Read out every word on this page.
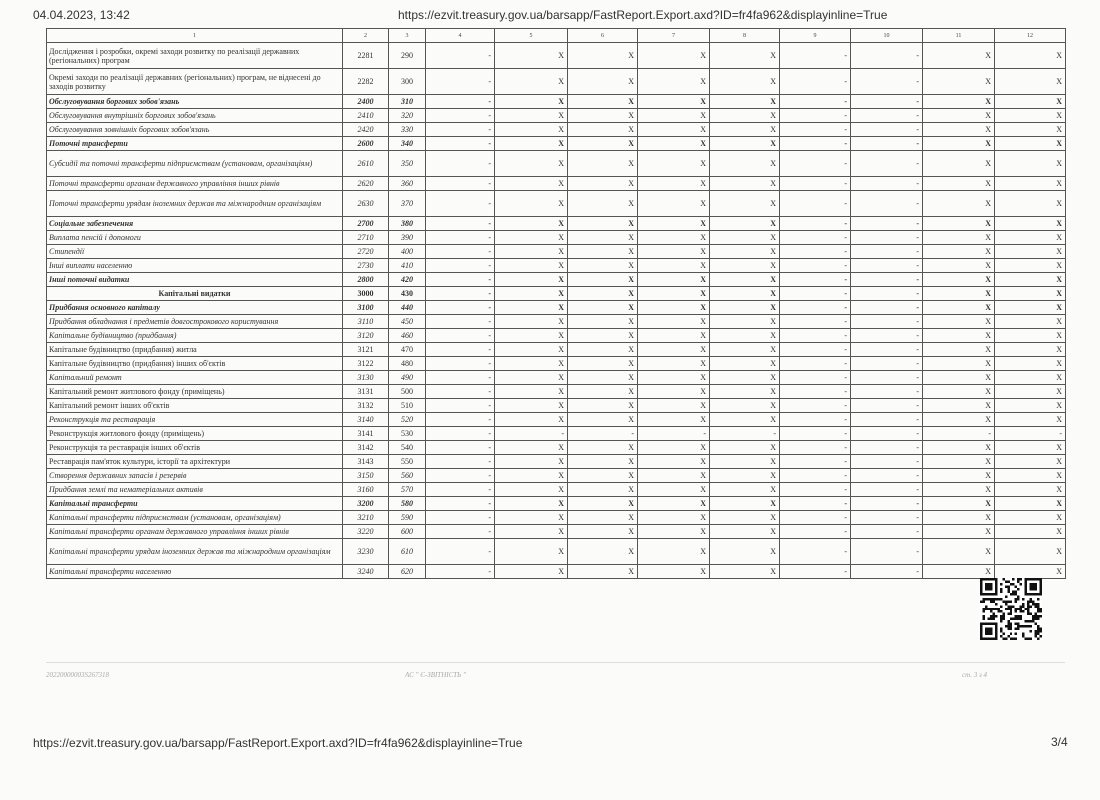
04.04.2023, 13:42	https://ezvit.treasury.gov.ua/barsapp/FastReport.Export.axd?ID=fr4fa962&displayinline=True
1	2	3	4	5	6	7	8	9	10	11	12
Дослідження і розробки, окремі заходи розвитку по реалізації державних (регіональних) програм	2281	290	-	X	X	X	X	-	-	X	X
Окремі заходи по реалізації державних (регіональних) програм, не віднесені до заходів розвитку	2282	300	-	X	X	X	X	-	-	X	X
Обслуговування боргових зобов'язань	2400	310	-	X	X	X	X	-	-	X	X
Обслуговування внутрішніх боргових зобов'язань	2410	320	-	X	X	X	X	-	-	X	X
Обслуговування зовнішніх боргових зобов'язань	2420	330	-	X	X	X	X	-	-	X	X
Поточні трансферти	2600	340	-	X	X	X	X	-	-	X	X
Субсидії та поточні трансферти підприємствам (установам, організаціям)	2610	350	-	X	X	X	X	-	-	X	X
Поточні трансферти органам державного управління інших рівнів	2620	360	-	X	X	X	X	-	-	X	X
Поточні трансферти урядам іноземних держав та міжнародним організаціям	2630	370	-	X	X	X	X	-	-	X	X
Соціальне забезпечення	2700	380	-	X	X	X	X	-	-	X	X
Виплата пенсій і допомоги	2710	390	-	X	X	X	X	-	-	X	X
Стипендії	2720	400	-	X	X	X	X	-	-	X	X
Інші виплати населенню	2730	410	-	X	X	X	X	-	-	X	X
Інші поточні видатки	2800	420	-	X	X	X	X	-	-	X	X
Капітальні видатки	3000	430	-	X	X	X	X	-	-	X	X
Придбання основного капіталу	3100	440	-	X	X	X	X	-	-	X	X
Придбання обладнання і предметів довгострокового користування	3110	450	-	X	X	X	X	-	-	X	X
Капітальне будівництво (придбання)	3120	460	-	X	X	X	X	-	-	X	X
Капітальне будівництво (придбання) житла	3121	470	-	X	X	X	X	-	-	X	X
Капітальне будівництво (придбання) інших об'єктів	3122	480	-	X	X	X	X	-	-	X	X
Капітальний ремонт	3130	490	-	X	X	X	X	-	-	X	X
Капітальний ремонт житлового фонду (приміщень)	3131	500	-	X	X	X	X	-	-	X	X
Капітальний ремонт інших об'єктів	3132	510	-	X	X	X	X	-	-	X	X
Реконструкція та реставрація	3140	520	-	X	X	X	X	-	-	X	X
Реконструкція житлового фонду (приміщень)	3141	530	-	-	-	-	-	-	-	-	-
Реконструкція та реставрація інших об'єктів	3142	540	-	X	X	X	X	-	-	X	X
Реставрація пам'яток культури, історії та архітектури	3143	550	-	X	X	X	X	-	-	X	X
Створення державних запасів і резервів	3150	560	-	X	X	X	X	-	-	X	X
Придбання землі та нематеріальних активів	3160	570	-	X	X	X	X	-	-	X	X
Капітальні трансферти	3200	580	-	X	X	X	X	-	-	X	X
Капітальні трансферти підприємствам (установам, організаціям)	3210	590	-	X	X	X	X	-	-	X	X
Капітальні трансферти органам державного управління інших рівнів	3220	600	-	X	X	X	X	-	-	X	X
Капітальні трансферти урядам іноземних держав та міжнародним організаціям	3230	610	-	X	X	X	X	-	-	X	X
Капітальні трансферти населенню	3240	620	-	X	X	X	X	-	-	X	X
20220000003S267318	АС " Є-ЗВІТНІСТЬ "	ст. 3 з 4
https://ezvit.treasury.gov.ua/barsapp/FastReport.Export.axd?ID=fr4fa962&displayinline=True	3/4
